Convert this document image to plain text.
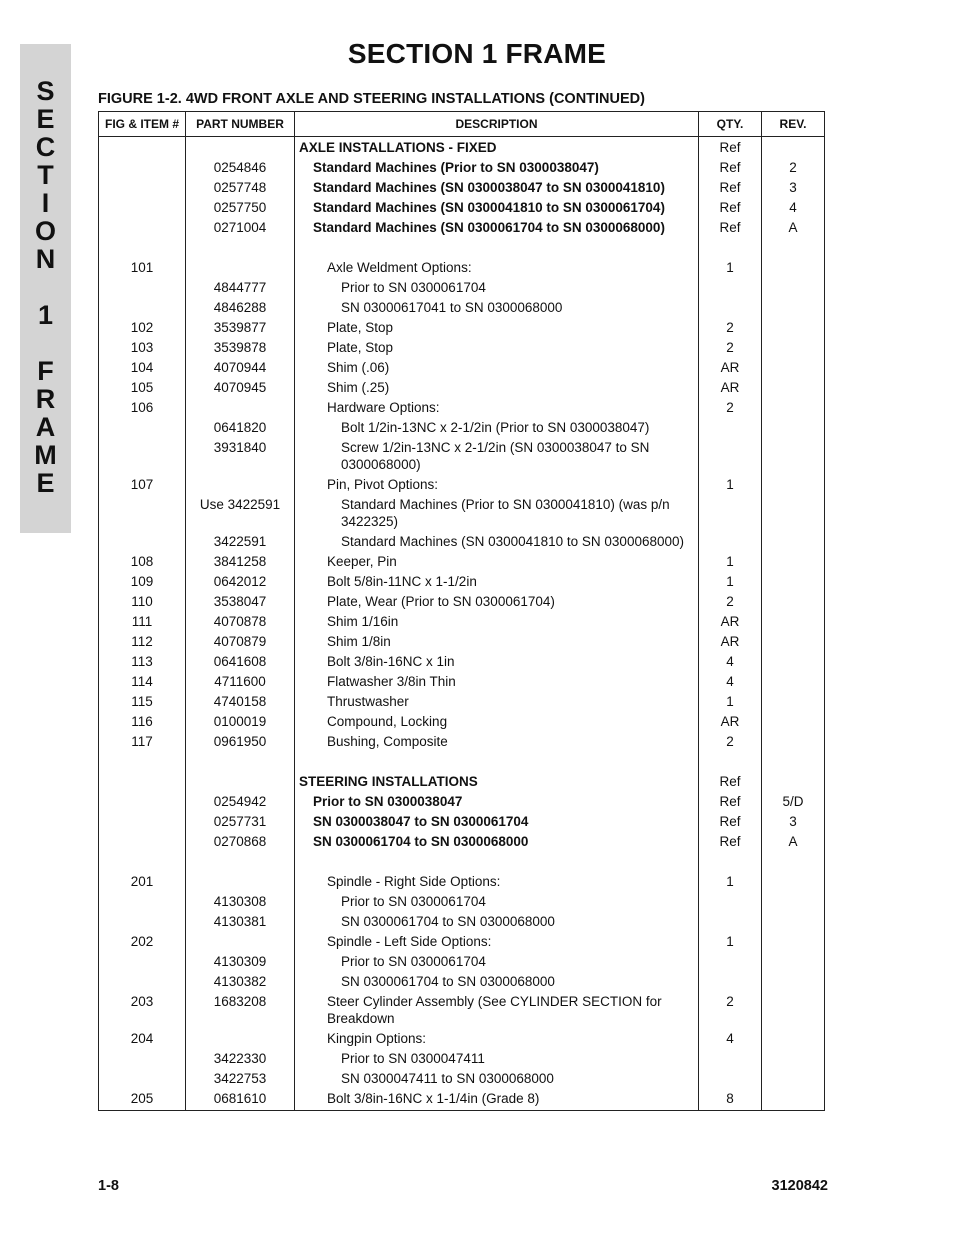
S
E
C
T
I
O
N
1
F
R
A
M
E
SECTION 1 FRAME
FIGURE 1-2. 4WD FRONT AXLE AND STEERING INSTALLATIONS (CONTINUED)
FIG & ITEM #	PART NUMBER	DESCRIPTION	QTY.	REV.
		AXLE INSTALLATIONS - FIXED	Ref	
	0254846	Standard Machines (Prior to SN 0300038047)	Ref	2
	0257748	Standard Machines (SN 0300038047 to SN 0300041810)	Ref	3
	0257750	Standard Machines (SN 0300041810 to SN 0300061704)	Ref	4
	0271004	Standard Machines (SN 0300061704 to SN 0300068000)	Ref	A

101		Axle Weldment Options:	1	
	4844777	Prior to SN 0300061704		
	4846288	SN 03000617041 to SN 0300068000		
102	3539877	Plate, Stop	2	
103	3539878	Plate, Stop	2	
104	4070944	Shim (.06)	AR	
105	4070945	Shim (.25)	AR	
106		Hardware Options:	2	
	0641820	Bolt 1/2in-13NC x 2-1/2in (Prior to SN 0300038047)		
	3931840	Screw 1/2in-13NC x 2-1/2in (SN 0300038047 to SN 0300068000)		
107		Pin, Pivot Options:	1	
	Use 3422591	Standard Machines (Prior to SN 0300041810) (was p/n 3422325)		
	3422591	Standard Machines (SN 0300041810 to SN 0300068000)		
108	3841258	Keeper, Pin	1	
109	0642012	Bolt 5/8in-11NC x 1-1/2in	1	
110	3538047	Plate, Wear (Prior to SN 0300061704)	2	
111	4070878	Shim 1/16in	AR	
112	4070879	Shim 1/8in	AR	
113	0641608	Bolt 3/8in-16NC x 1in	4	
114	4711600	Flatwasher 3/8in Thin	4	
115	4740158	Thrustwasher	1	
116	0100019	Compound, Locking	AR	
117	0961950	Bushing, Composite	2	

		STEERING INSTALLATIONS	Ref	
	0254942	Prior to SN 0300038047	Ref	5/D
	0257731	SN 0300038047 to SN 0300061704	Ref	3
	0270868	SN 0300061704 to SN 0300068000	Ref	A

201		Spindle - Right Side Options:	1	
	4130308	Prior to SN 0300061704		
	4130381	SN 0300061704 to SN 0300068000		
202		Spindle - Left Side Options:	1	
	4130309	Prior to SN 0300061704		
	4130382	SN 0300061704 to SN 0300068000		
203	1683208	Steer Cylinder Assembly (See CYLINDER SECTION for Breakdown	2	
204		Kingpin Options:	4	
	3422330	Prior to SN 0300047411		
	3422753	SN 0300047411 to SN 0300068000		
205	0681610	Bolt 3/8in-16NC x 1-1/4in (Grade 8)	8	
1-8	3120842
